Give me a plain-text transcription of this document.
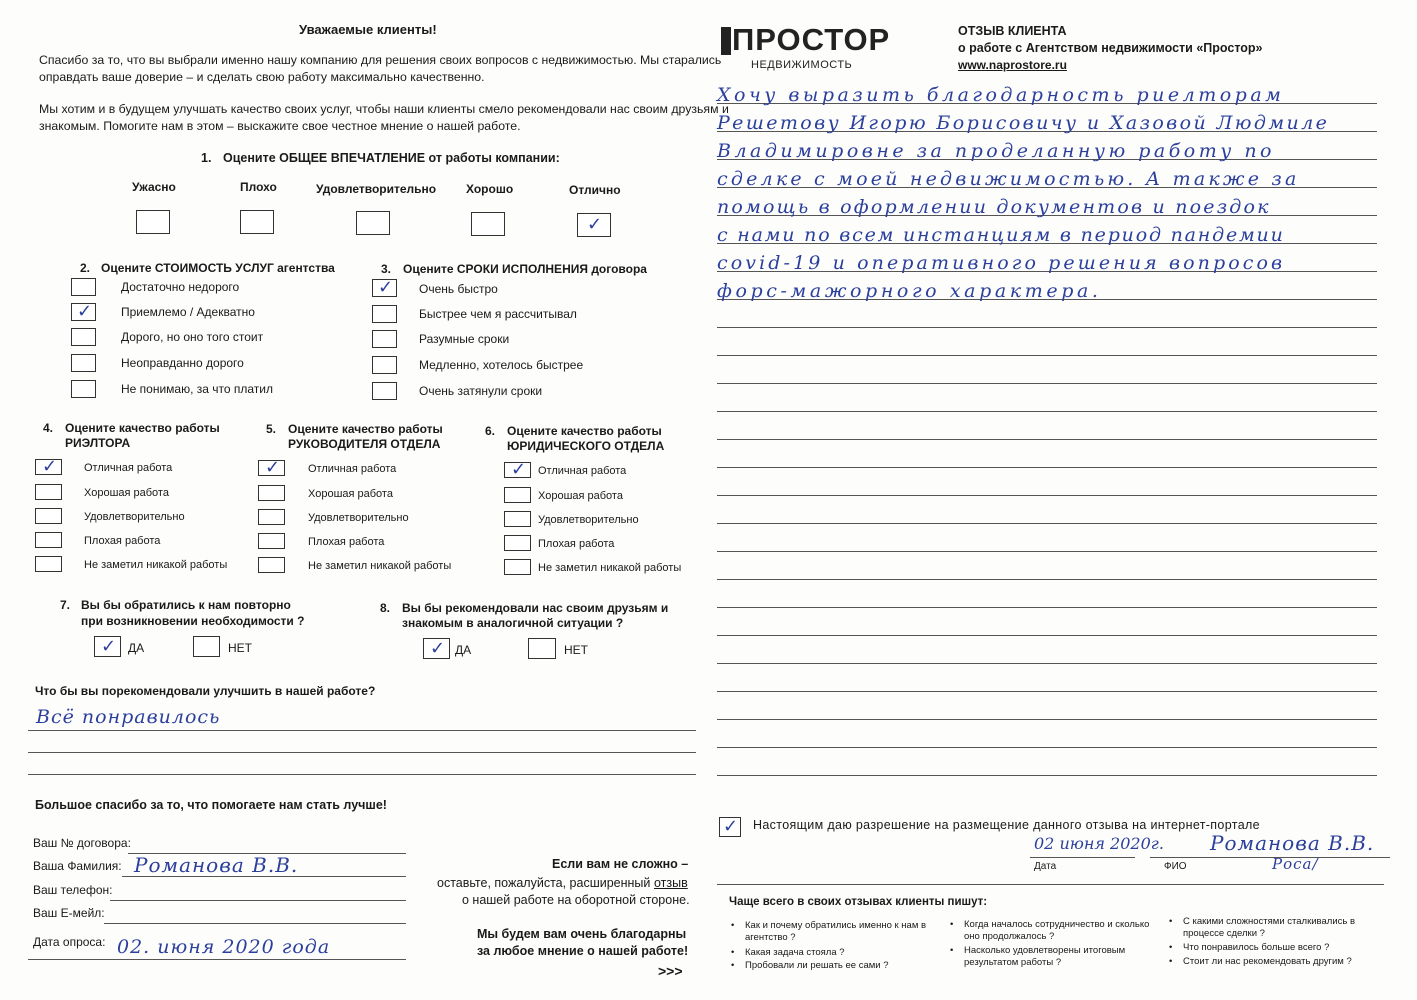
Уважаемые клиенты!
Спасибо за то, что вы выбрали именно нашу компанию для решения своих вопросов с недвижимостью. Мы старались
оправдать ваше доверие – и сделать свою работу максимально качественно.
Мы хотим и в будущем улучшать качество своих услуг, чтобы наши клиенты смело рекомендовали нас своим друзьям и
знакомым. Помогите нам в этом – выскажите свое честное мнение о нашей работе.
1. Оцените ОБЩЕЕ ВПЕЧАТЛЕНИЕ от работы компании:
Ужасно	Плохо	Удовлетворительно Хорошо	Отлично
✓
2. Оцените СТОИМОСТЬ УСЛУГ агентства
✓
Достаточно недорого
Приемлемо / Адекватно
Дорого, но оно того стоит
Неоправданно дорого
Не понимаю, за что платил
3. Оцените СРОКИ ИСПОЛНЕНИЯ договора
✓ Очень быстро
Быстрее чем я рассчитывал
Разумные сроки
Медленно, хотелось быстрее
Очень затянули сроки
4. Оцените качество работы
РИЭЛТОРА
✓ Отличная работа
Хорошая работа
Удовлетворительно
Плохая работа
Не заметил никакой работы
5. Оцените качество работы
РУКОВОДИТЕЛЯ ОТДЕЛА
✓	Отличная работа
Хорошая работа
Удовлетворительно
Плохая работа
Не заметил никакой работы
6. Оцените качество работы
ЮРИДИЧЕСКОГО ОТДЕЛА
✓ Отличная работа
Хорошая работа
Удовлетворительно
Плохая работа
Не заметил никакой работы
7. Вы бы обратились к нам повторно
при возникновении необходимости ?
✓ ДА	НЕТ
8. Вы бы рекомендовали нас своим друзьям и
знакомым в аналогичной ситуации ?
✓ ДА	НЕТ
Что бы вы порекомендовали улучшить в нашей работе?
Всё понравилось
Большое спасибо за то, что помогаете нам стать лучше!
Ваш № договора:
Ваша Фамилия: Романова В.В.
Ваш телефон:
Ваш Е-мейл:
Дата опроса: 02. июня 2020 года
Если вам не сложно –
оставьте, пожалуйста, расширенный отзыв
о нашей работе на оборотной стороне.
Мы будем вам очень благодарны
за любое мнение о нашей работе!
>>>
ПРОСТОР
НЕДВИЖИМОСТЬ
ОТЗЫВ КЛИЕНТА
о работе с Агентством недвижимости «Простор»
www.naprostore.ru
Хочу выразить благодарность риелторам
Решетову Игорю Борисовичу и Хазовой Людмиле
Владимировне за проделанную работу по
сделке с моей недвижимостью. А также за
помощь в оформлении документов и поездок
с нами по всем инстанциям в период пандемии
covid-19 и оперативного решения вопросов
форс-мажорного характера.
✓ Настоящим даю разрешение на размещение данного отзыва на интернет-портале
02 июня 2020г. Романова В.В.
Роса/
Дата	ФИО
Чаще всего в своих отзывах клиенты пишут:
• Как и почему обратились именно к нам в агентство ?
• Какая задача стояла ?
• Пробовали ли решать ее сами ?
• Когда началось сотрудничество и сколько оно продолжалось ?
• Насколько удовлетворены итоговым результатом работы ?
• С какими сложностями сталкивались в процессе сделки ?
• Что понравилось больше всего ?
• Стоит ли нас рекомендовать другим ?
